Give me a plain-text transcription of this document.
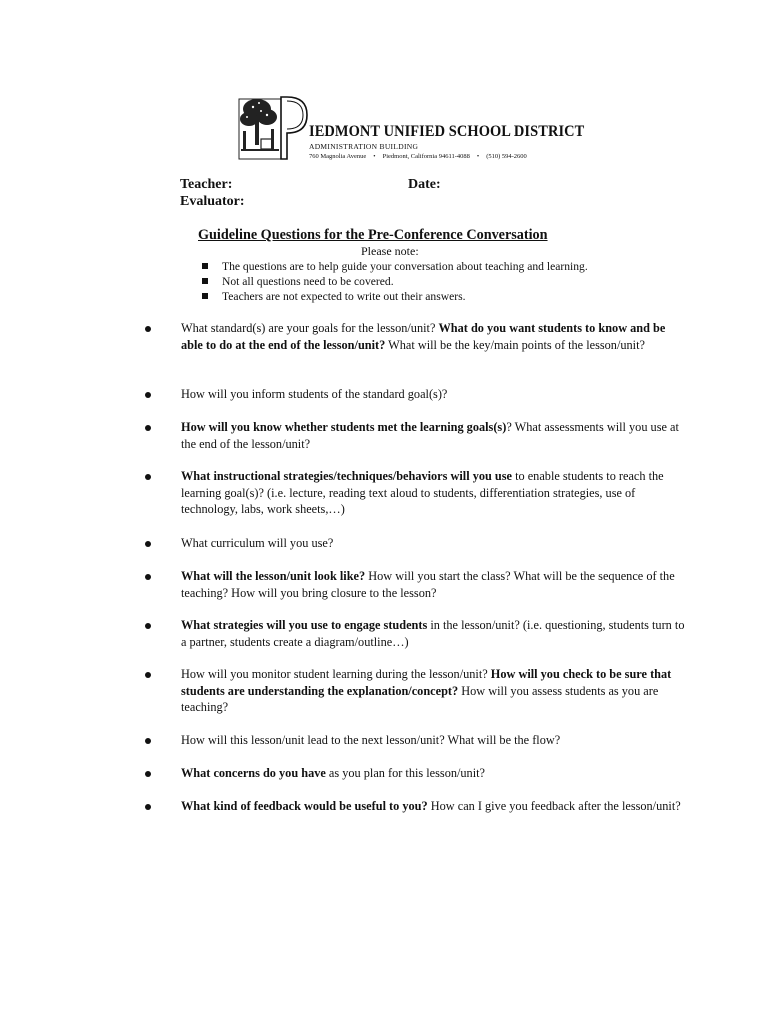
IEDMONT UNIFIED SCHOOL DISTRICT
ADMINISTRATION BUILDING
760 Magnolia Avenue • Piedmont, California 94611-4088 • (510) 594-2600
Teacher:	Date:
Evaluator:
Guideline Questions for the Pre-Conference Conversation
Please note:
The questions are to help guide your conversation about teaching and learning.
Not all questions need to be covered.
Teachers are not expected to write out their answers.
What standard(s) are your goals for the lesson/unit? What do you want students to know and be able to do at the end of the lesson/unit? What will be the key/main points of the lesson/unit?
How will you inform students of the standard goal(s)?
How will you know whether students met the learning goals(s)? What assessments will you use at the end of the lesson/unit?
What instructional strategies/techniques/behaviors will you use to enable students to reach the learning goal(s)? (i.e. lecture, reading text aloud to students, differentiation strategies, use of technology, labs, work sheets,…)
What curriculum will you use?
What will the lesson/unit look like? How will you start the class? What will be the sequence of the teaching? How will you bring closure to the lesson?
What strategies will you use to engage students in the lesson/unit? (i.e. questioning, students turn to a partner, students create a diagram/outline…)
How will you monitor student learning during the lesson/unit? How will you check to be sure that students are understanding the explanation/concept? How will you assess students as you are teaching?
How will this lesson/unit lead to the next lesson/unit? What will be the flow?
What concerns do you have as you plan for this lesson/unit?
What kind of feedback would be useful to you? How can I give you feedback after the lesson/unit?
